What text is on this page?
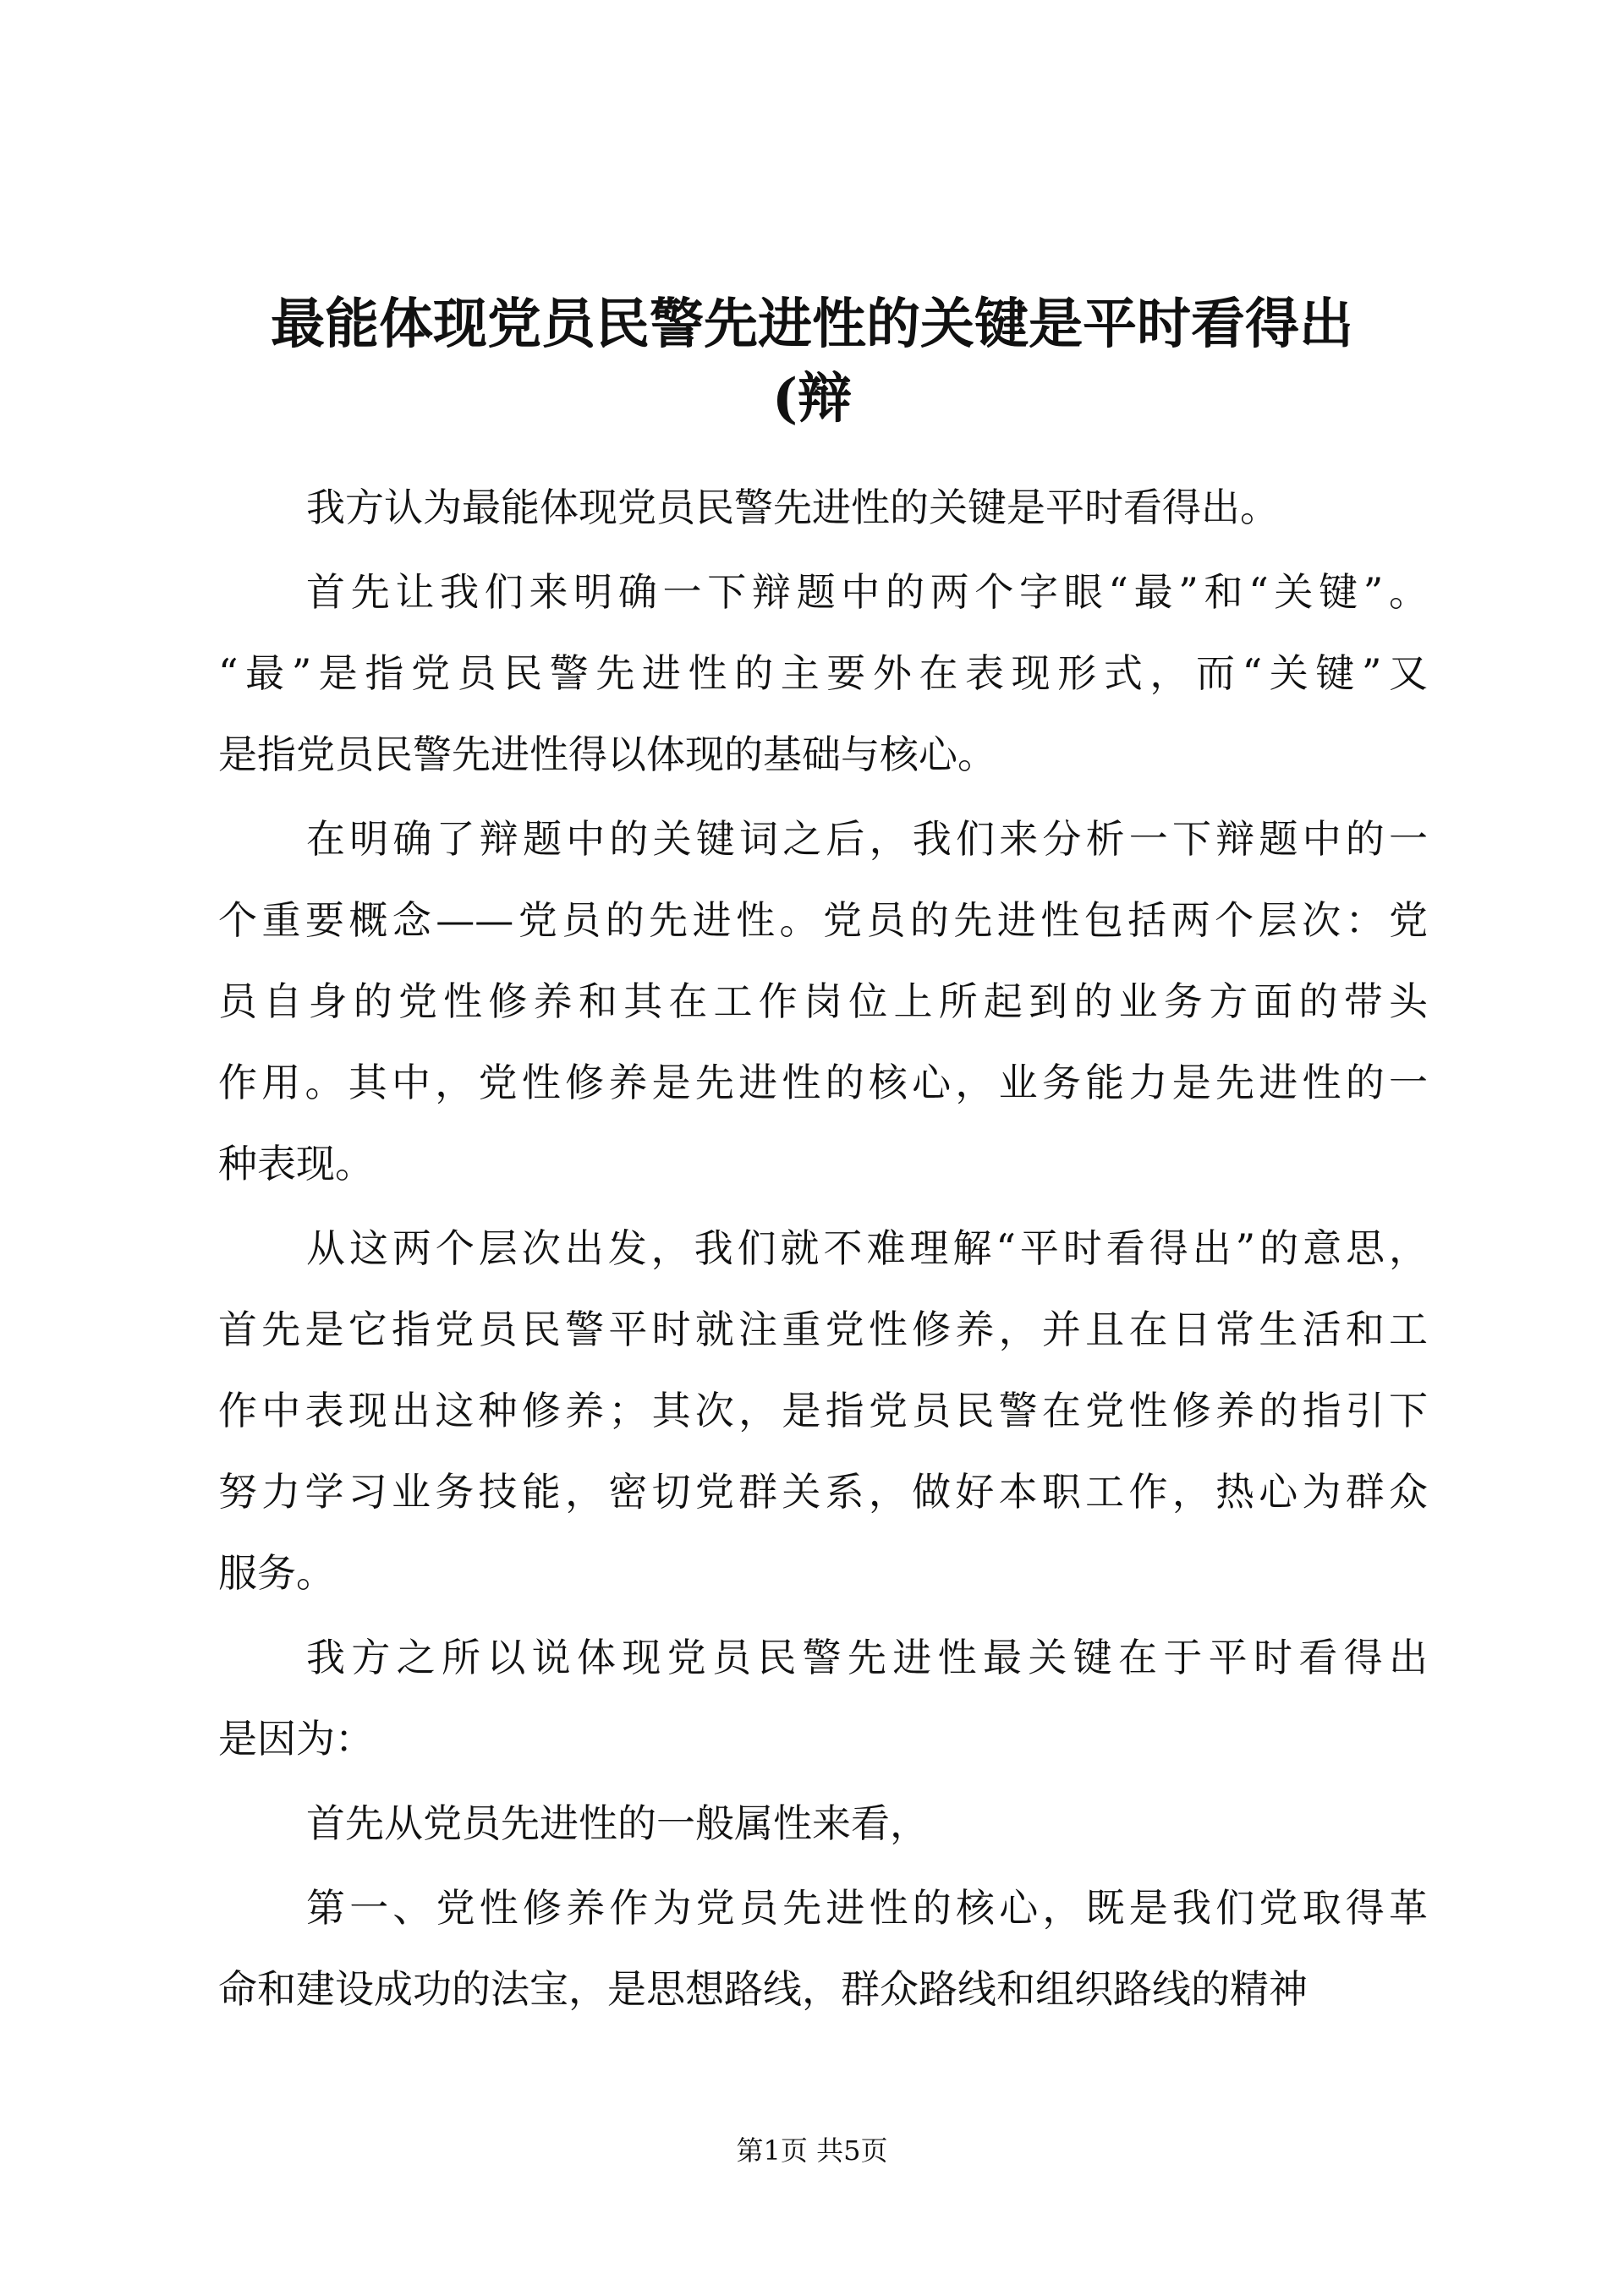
最能体现党员民警先进性的关键是平时看得出
(辩
我方认为最能体现党员民警先进性的关键是平时看得出。
首先让我们来明确一下辩题中的两个字眼“最”和“关键”。
“最”是指党员民警先进性的主要外在表现形式，而“关键”又
是指党员民警先进性得以体现的基础与核心。
在明确了辩题中的关键词之后，我们来分析一下辩题中的一
个重要概念——党员的先进性。党员的先进性包括两个层次：党
员自身的党性修养和其在工作岗位上所起到的业务方面的带头
作用。其中，党性修养是先进性的核心，业务能力是先进性的一
种表现。
从这两个层次出发，我们就不难理解“平时看得出”的意思，
首先是它指党员民警平时就注重党性修养，并且在日常生活和工
作中表现出这种修养；其次，是指党员民警在党性修养的指引下
努力学习业务技能，密切党群关系，做好本职工作，热心为群众
服务。
我方之所以说体现党员民警先进性最关键在于平时看得出
是因为：
首先从党员先进性的一般属性来看，
第一、党性修养作为党员先进性的核心，既是我们党取得革
命和建设成功的法宝，是思想路线，群众路线和组织路线的精神
第1页 共5页
